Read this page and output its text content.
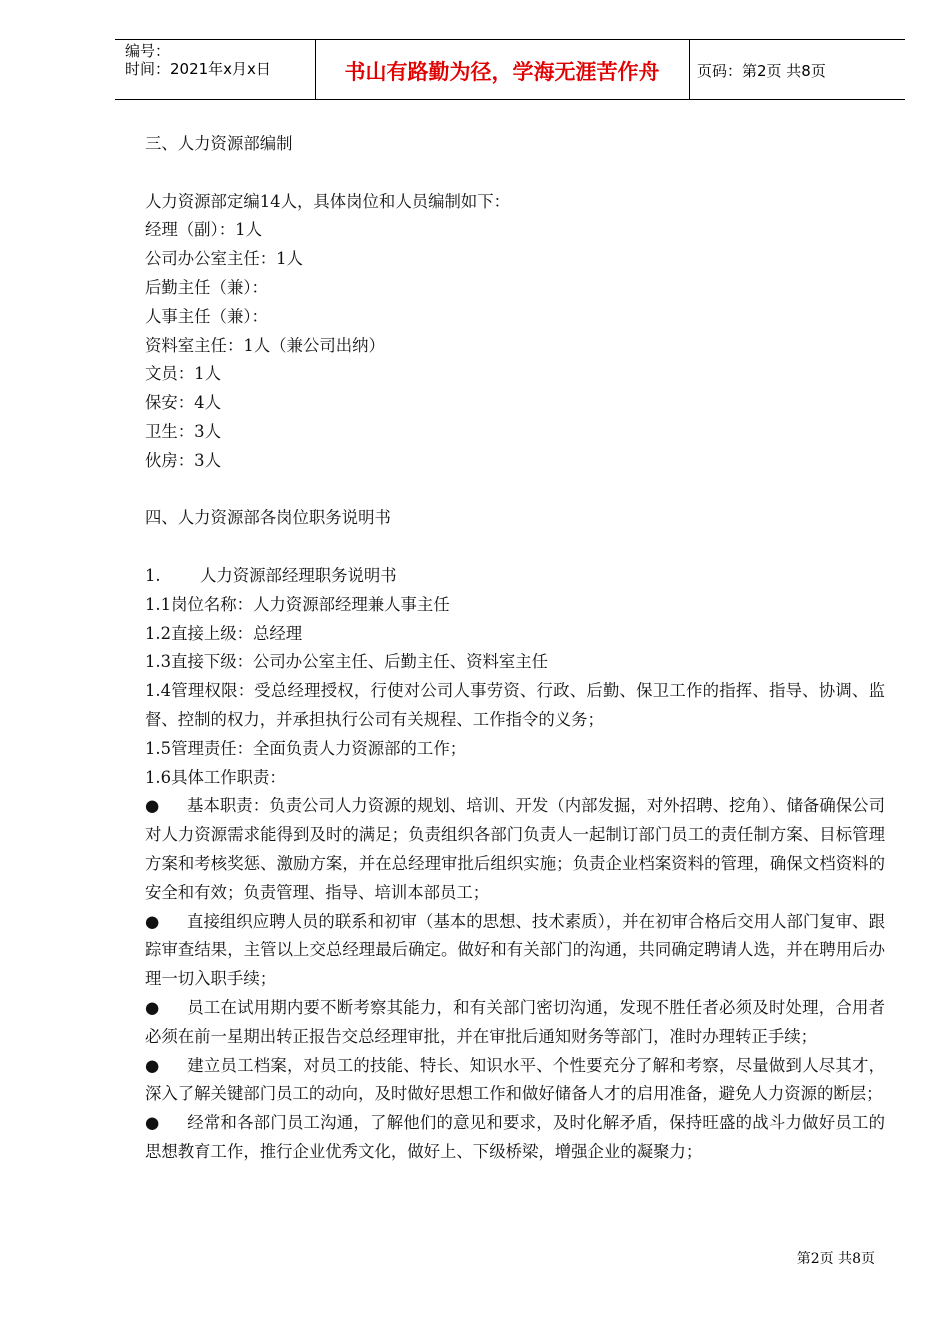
编号：
时间：2021年x月x日	书山有路勤为径，学海无涯苦作舟	页码：第2页 共8页
三、人力资源部编制
人力资源部定编14人，具体岗位和人员编制如下：
经理（副）：1人
公司办公室主任：1人
后勤主任（兼）：
人事主任（兼）：
资料室主任：1人（兼公司出纳）
文员：1人
保安：4人
卫生：3人
伙房：3人
四、人力资源部各岗位职务说明书
1. 人力资源部经理职务说明书
1.1岗位名称：人力资源部经理兼人事主任
1.2直接上级：总经理
1.3直接下级：公司办公室主任、后勤主任、资料室主任

1.4管理权限：受总经理授权，行使对公司人事劳资、行政、后勤、保卫工作的指挥、指导、协调、监督、控制的权力，并承担执行公司有关规程、工作指令的义务；

1.5管理责任：全面负责人力资源部的工作；
1.6具体工作职责：

● 基本职责：负责公司人力资源的规划、培训、开发（内部发掘，对外招聘、挖角）、储备确保公司对人力资源需求能得到及时的满足；负责组织各部门负责人一起制订部门员工的责任制方案、目标管理方案和考核奖惩、激励方案，并在总经理审批后组织实施；负责企业档案资料的管理，确保文档资料的安全和有效；负责管理、指导、培训本部员工；

● 直接组织应聘人员的联系和初审（基本的思想、技术素质），并在初审合格后交用人部门复审、跟踪审查结果，主管以上交总经理最后确定。做好和有关部门的沟通，共同确定聘请人选，并在聘用后办理一切入职手续；

● 员工在试用期内要不断考察其能力，和有关部门密切沟通，发现不胜任者必须及时处理，合用者必须在前一星期出转正报告交总经理审批，并在审批后通知财务等部门，准时办理转正手续；

● 建立员工档案，对员工的技能、特长、知识水平、个性要充分了解和考察，尽量做到人尽其才，深入了解关键部门员工的动向，及时做好思想工作和做好储备人才的启用准备，避免人力资源的断层；

● 经常和各部门员工沟通，了解他们的意见和要求，及时化解矛盾，保持旺盛的战斗力做好员工的思想教育工作，推行企业优秀文化，做好上、下级桥梁，增强企业的凝聚力；

第2页 共8页
